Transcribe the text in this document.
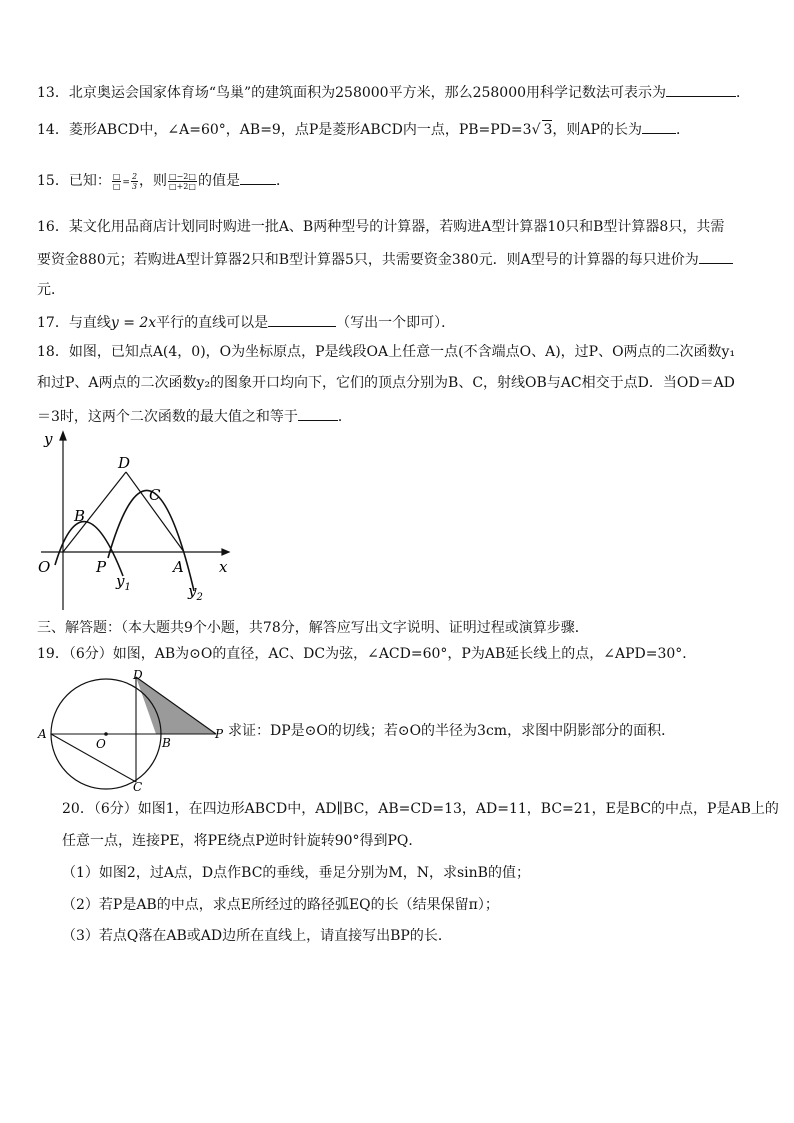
13．北京奥运会国家体育场“鸟巢”的建筑面积为258000平方米，那么258000用科学记数法可表示为	．
14．菱形ABCD中，∠A=60°，AB=9，点P是菱形ABCD内一点，PB=PD=3√ 3，则AP的长为 ．
15．已知： $\frac{□}{□} = \frac{2}{3}$ ，则 $\frac{□-2□}{□+2□}$ 的值是	．
16．某文化用品商店计划同时购进一批A、B两种型号的计算器，若购进A型计算器10只和B型计算器8只，共需
要资金880元；若购进A型计算器2只和B型计算器5只，共需要资金380元．则A型号的计算器的每只进价为
元．
17．与直线y = 2x平行的直线可以是	（写出一个即可）．
18．如图，已知点A(4，0)，O为坐标原点，P是线段OA上任意一点(不含端点O、A)，过P、O两点的二次函数y₁
和过P、A两点的二次函数y₂的图象开口均向下，它们的顶点分别为B、C，射线OB与AC相交于点D．当OD＝AD
＝3时，这两个二次函数的最大值之和等于	．
y
D
C
B
O	P	A x
$y_1$	$y_2$
三、解答题：（本大题共9个小题，共78分，解答应写出文字说明、证明过程或演算步骤．
19．（6分）如图，AB为⊙O的直径，AC、DC为弦，∠ACD=60°，P为AB延长线上的点，∠APD=30°．
D
A
O	B
P
C
求证：DP是⊙O的切线；若⊙O的半径为3cm，求图中阴影部分的面积．
20．（6分）如图1，在四边形ABCD中，AD∥BC，AB=CD=13，AD=11，BC=21，E是BC的中点，P是AB上的
任意一点，连接PE，将PE绕点P逆时针旋转90°得到PQ．
（1）如图2，过A点，D点作BC的垂线，垂足分别为M，N，求sinB的值；
（2）若P是AB的中点，求点E所经过的路径弧EQ的长（结果保留π）；
（3）若点Q落在AB或AD边所在直线上，请直接写出BP的长．
